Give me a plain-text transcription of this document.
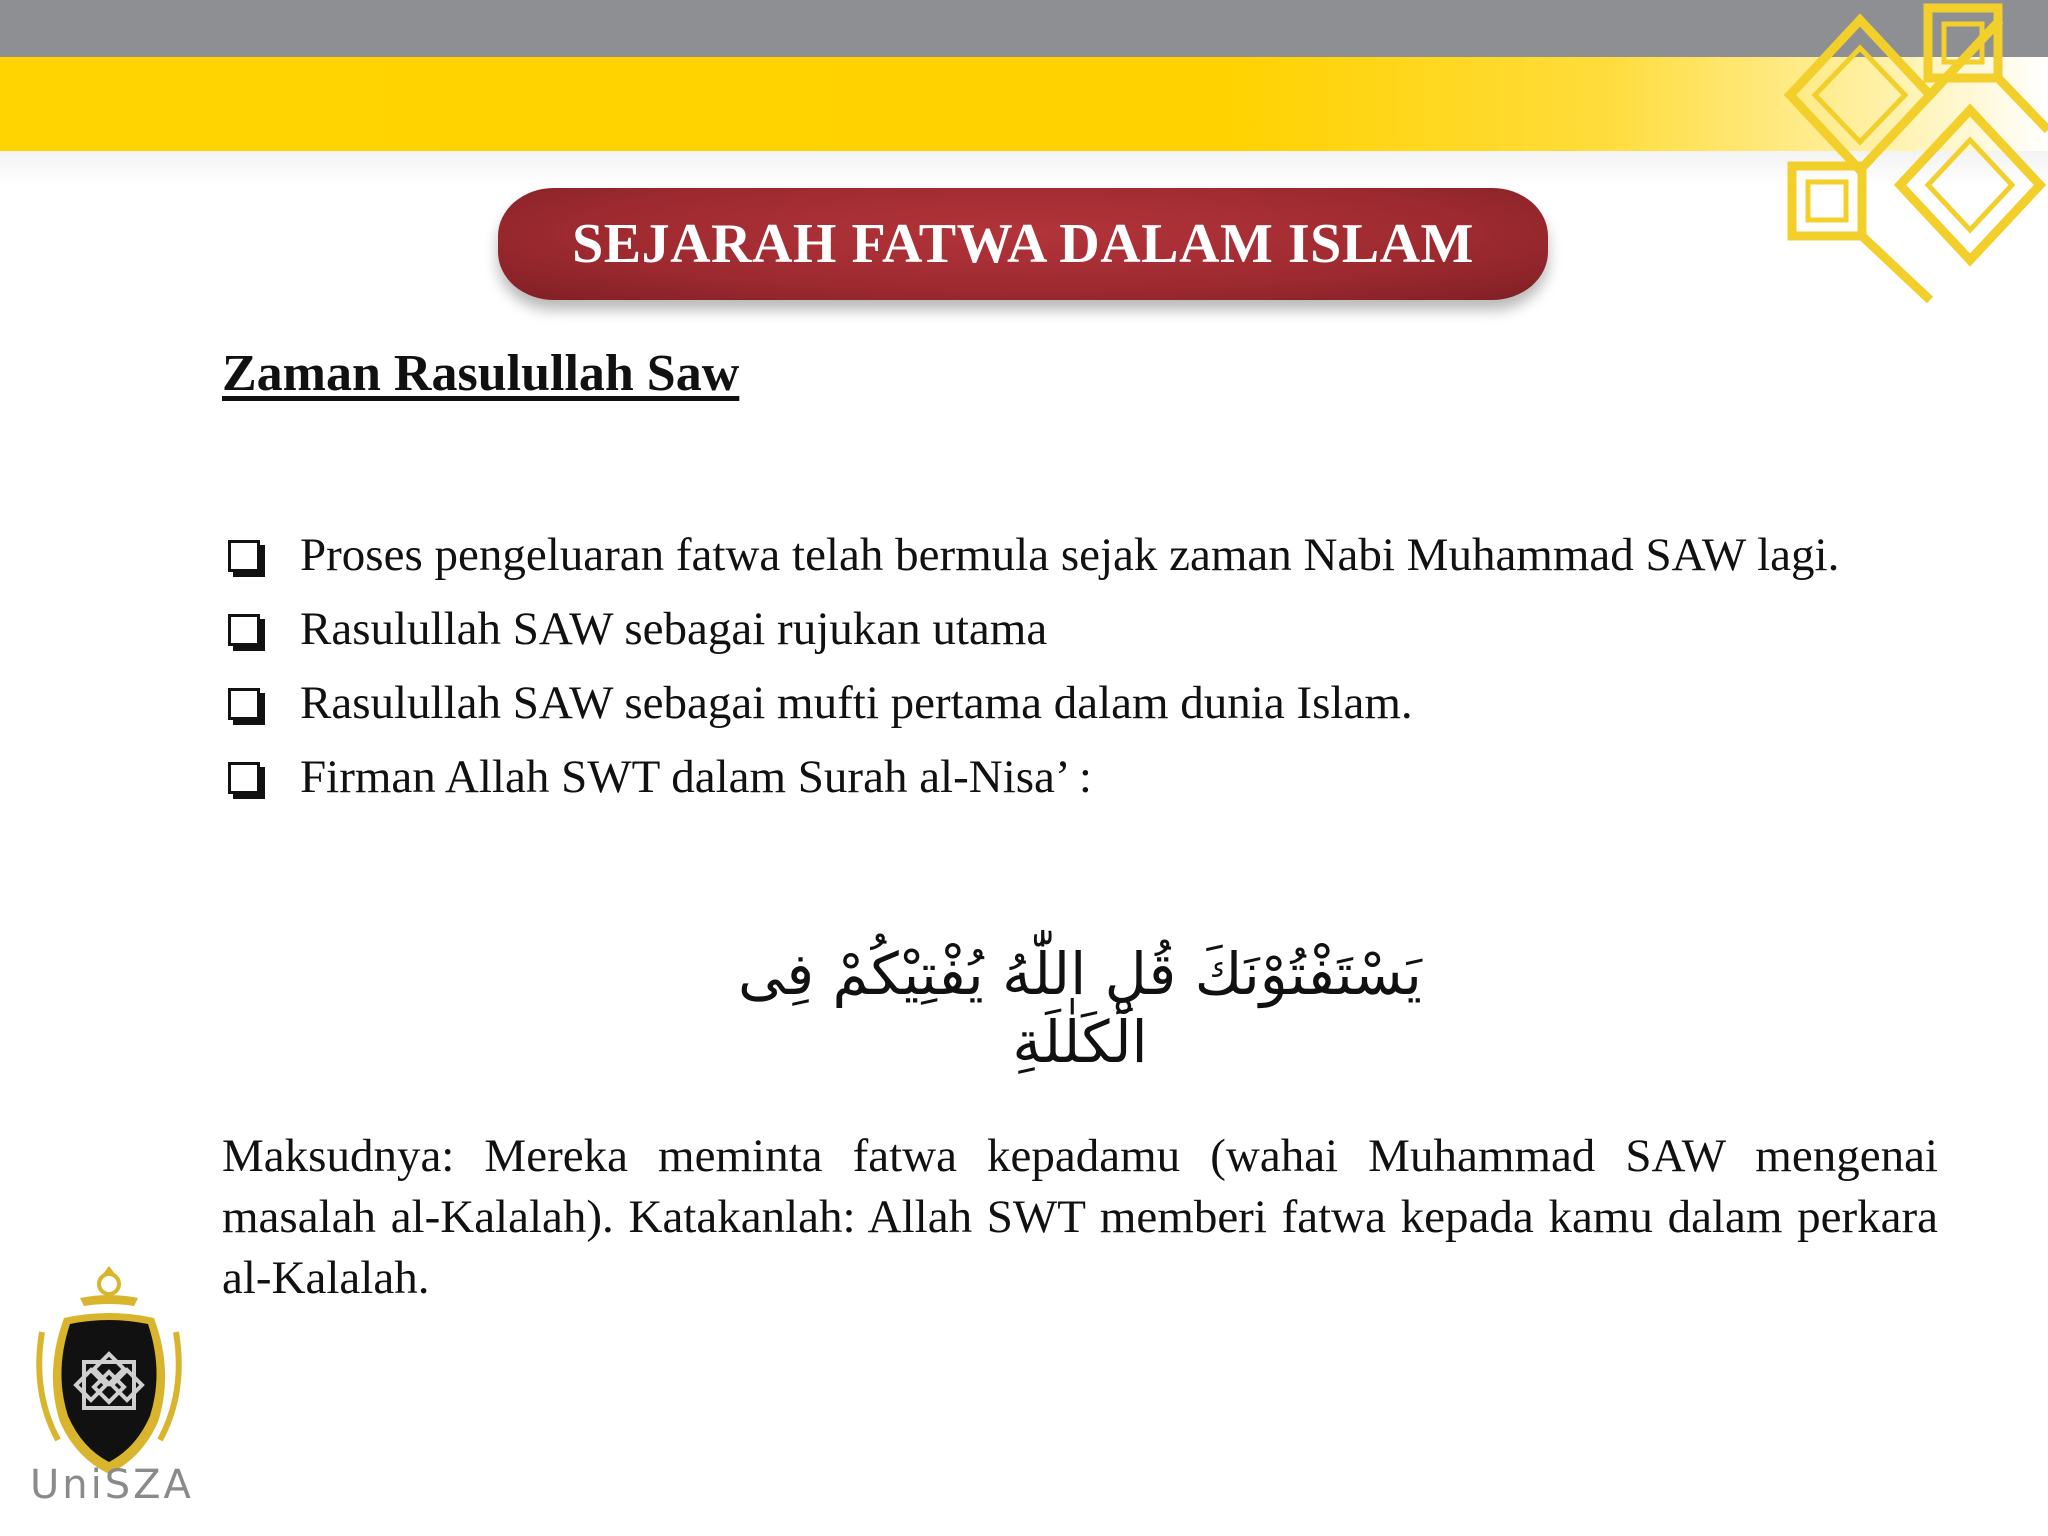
SEJARAH FATWA DALAM ISLAM
Zaman Rasulullah Saw
Proses pengeluaran fatwa telah bermula sejak zaman Nabi Muhammad SAW lagi.
Rasulullah SAW sebagai rujukan utama
Rasulullah SAW sebagai mufti pertama dalam dunia Islam.
Firman Allah SWT dalam Surah al-Nisa’ :
يَسْتَفْتُوْنَكَ قُلِ اللّٰهُ يُفْتِيْكُمْ فِى الْكَلٰلَةِ
Maksudnya: Mereka meminta fatwa kepadamu (wahai Muhammad SAW mengenai masalah al-Kalalah). Katakanlah: Allah SWT memberi fatwa kepada kamu dalam perkara al-Kalalah.
UniSZA
